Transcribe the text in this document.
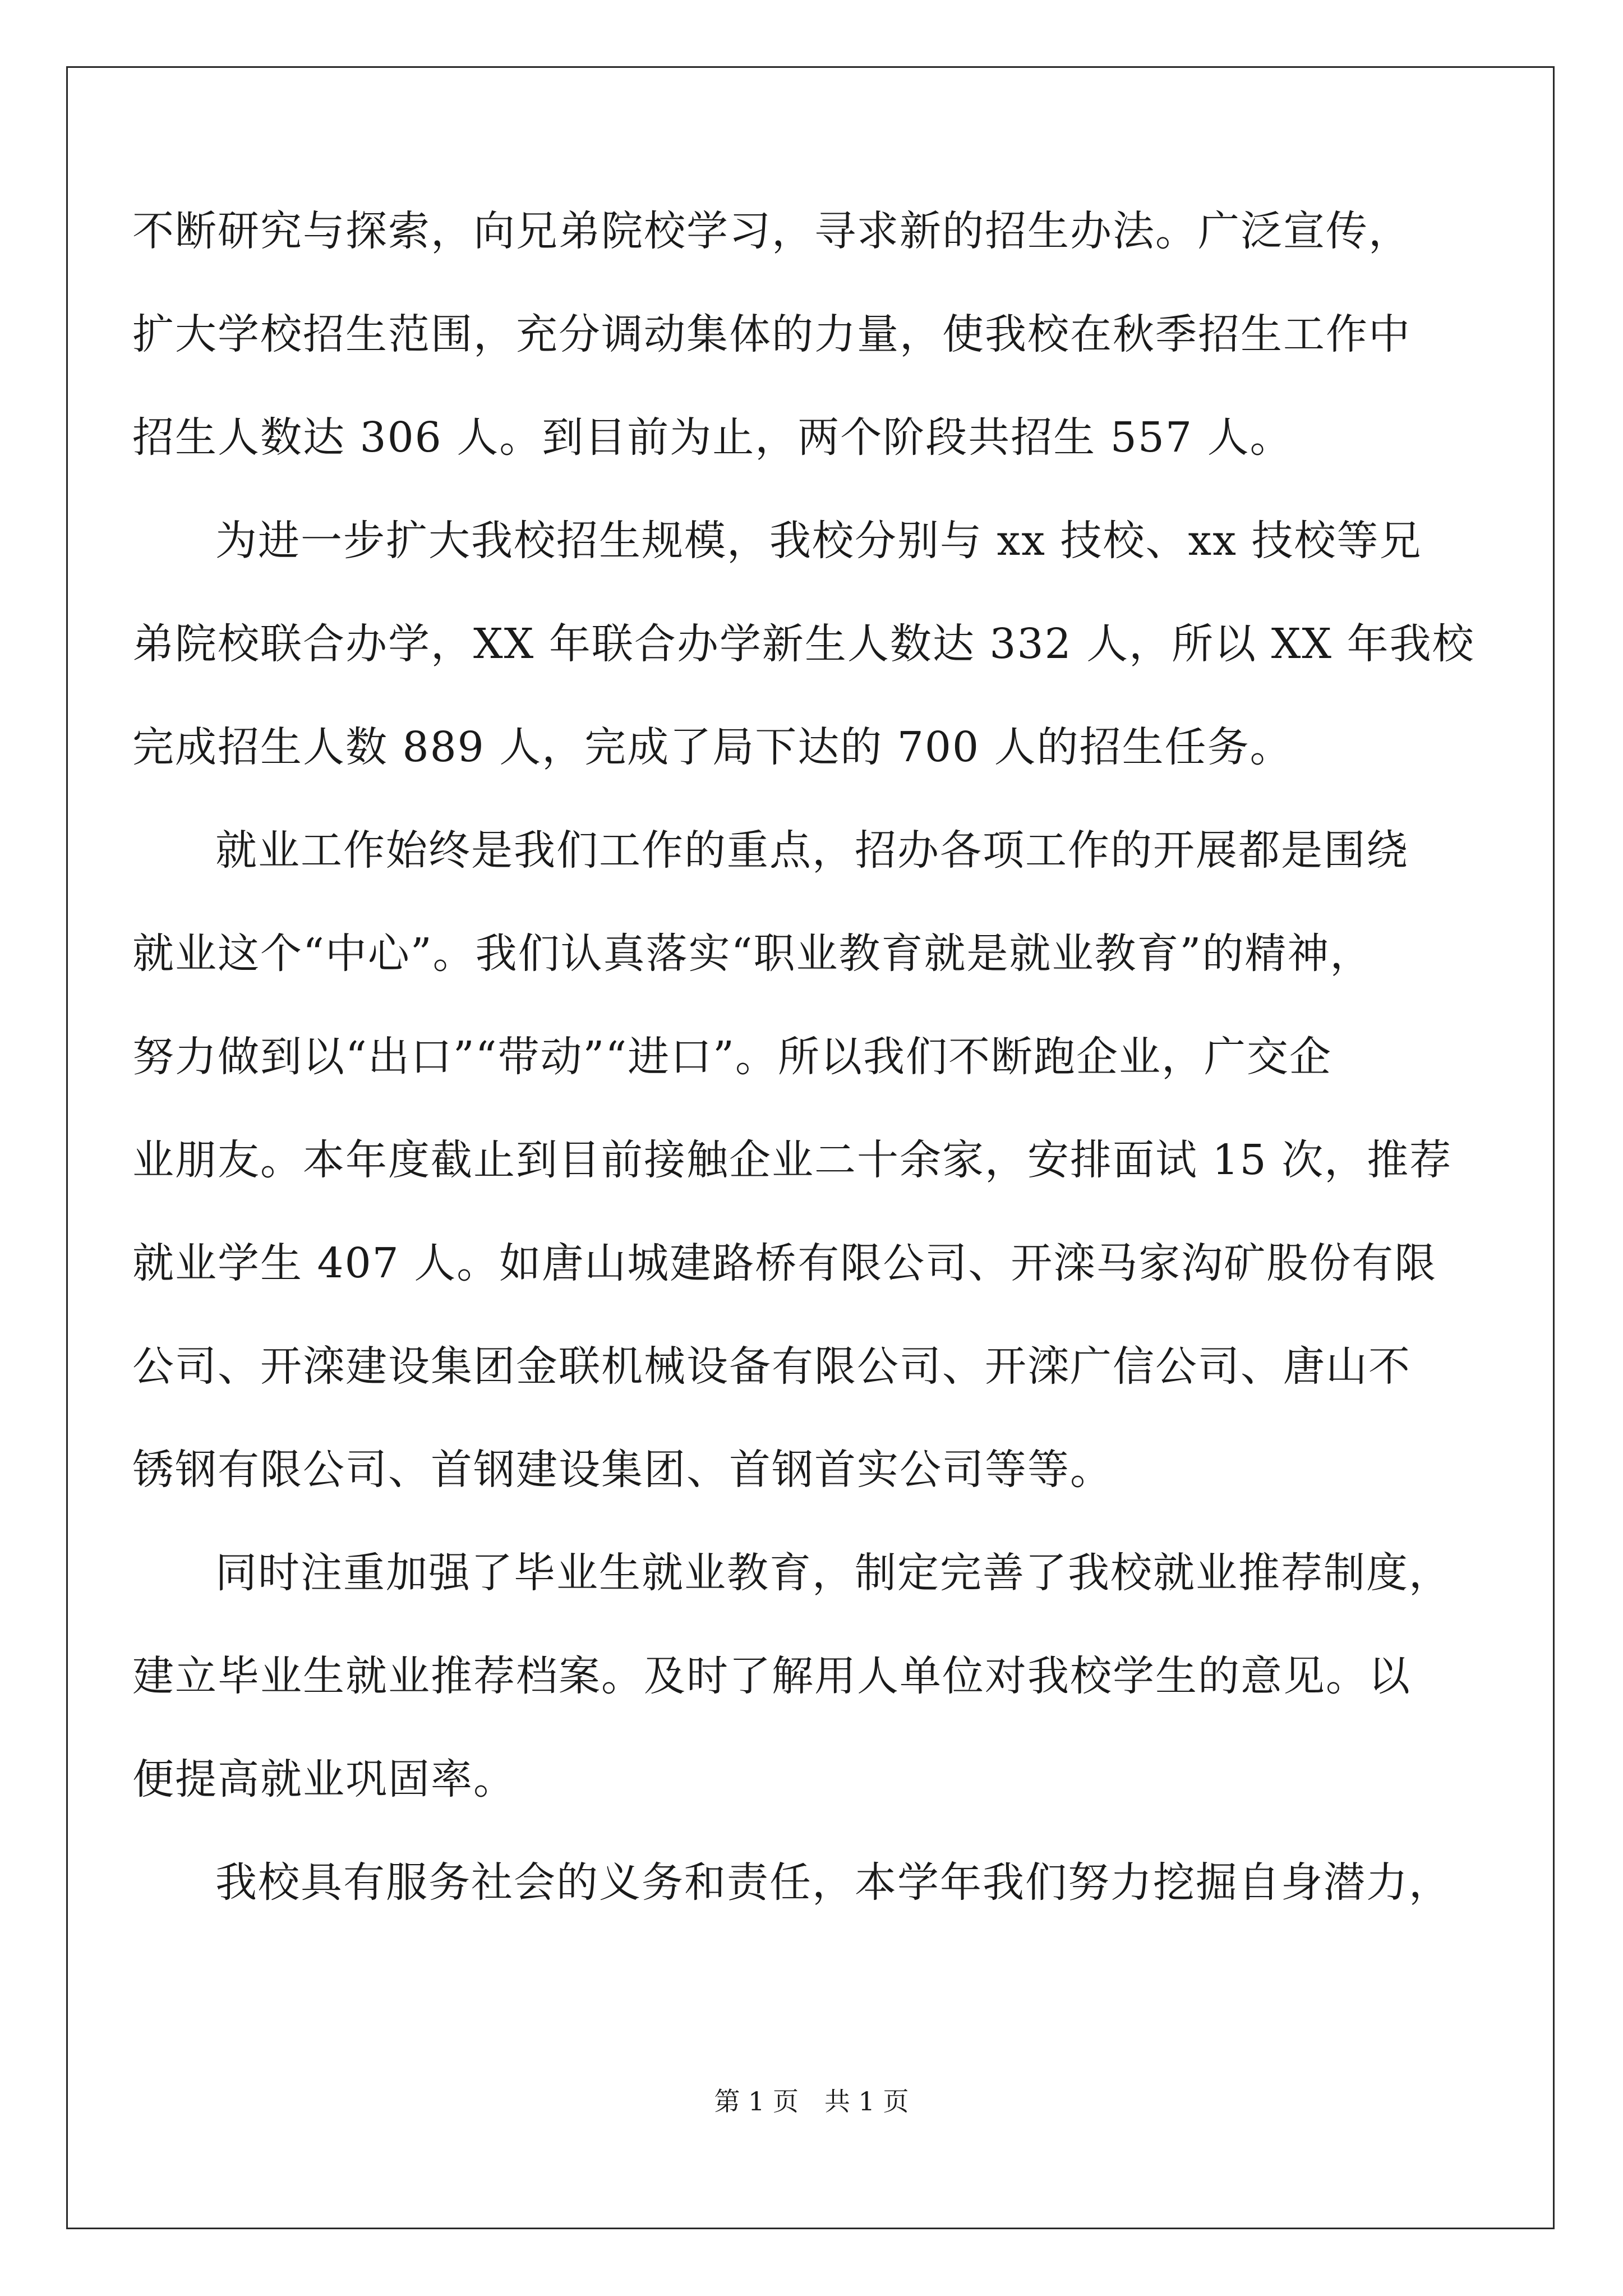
不断研究与探索，向兄弟院校学习，寻求新的招生办法。广泛宣传，
扩大学校招生范围，充分调动集体的力量，使我校在秋季招生工作中
招生人数达 306 人。到目前为止，两个阶段共招生 557 人。
为进一步扩大我校招生规模，我校分别与 xx 技校、xx 技校等兄
弟院校联合办学，XX 年联合办学新生人数达 332 人，所以 XX 年我校
完成招生人数 889 人，完成了局下达的 700 人的招生任务。
就业工作始终是我们工作的重点，招办各项工作的开展都是围绕
就业这个“中心”。我们认真落实“职业教育就是就业教育”的精神，
努力做到以“出口”“带动”“进口”。所以我们不断跑企业，广交企
业朋友。本年度截止到目前接触企业二十余家，安排面试 15 次，推荐
就业学生 407 人。如唐山城建路桥有限公司、开滦马家沟矿股份有限
公司、开滦建设集团金联机械设备有限公司、开滦广信公司、唐山不
锈钢有限公司、首钢建设集团、首钢首实公司等等。
同时注重加强了毕业生就业教育，制定完善了我校就业推荐制度，
建立毕业生就业推荐档案。及时了解用人单位对我校学生的意见。以
便提高就业巩固率。
我校具有服务社会的义务和责任，本学年我们努力挖掘自身潜力，
第 1 页　共 1 页
